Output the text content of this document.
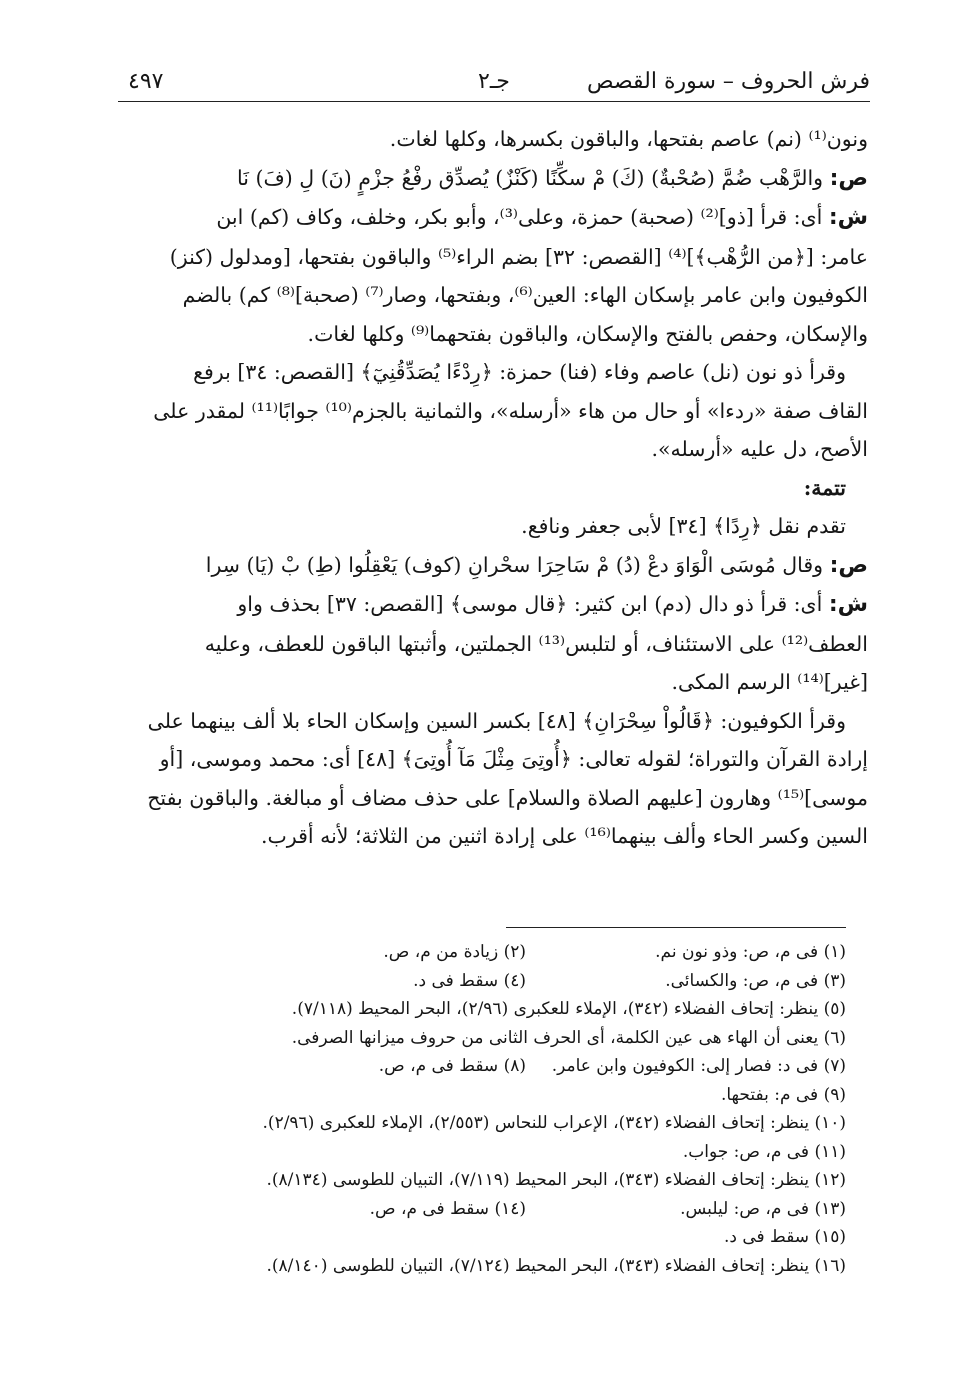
فرش الحروف – سورة القصص
جـ٢
٤٩٧

ونون⁽¹⁾ (نم) عاصم بفتحها، والباقون بكسرها، وكلها لغات.

ص: والرَّهْب ضُمَّ (صُحْبةٌ) (كَ) مْ سكِّنًا (كَنْزٌ) يُصدِّق رفْعُ جزْمٍ (نَ) لِ (فَ) نَا

ش: أى: قرأ [ذو]⁽²⁾ (صحبة) حمزة، وعلى⁽³⁾، وأبو بكر، وخلف، وكاف (كم) ابن

عامر: [﴿من الرُّهْب﴾]⁽⁴⁾ [القصص: ٣٢] بضم الراء⁽⁵⁾ والباقون بفتحها، [ومدلول (كنز)

الكوفيون وابن عامر بإسكان الهاء: العين⁽⁶⁾، وبفتحها، وصار⁽⁷⁾ (صحبة]⁽⁸⁾ كم) بالضم

والإسكان، وحفص بالفتح والإسكان، والباقون بفتحهما⁽⁹⁾ وكلها لغات.

وقرأ ذو نون (نل) عاصم وفاء (فنا) حمزة: ﴿رِدْءًا يُصَدِّقُنِيٓ﴾ [القصص: ٣٤] برفع

القاف صفة «ردءا» أو حال من هاء «أرسله»، والثمانية بالجزم⁽¹⁰⁾ جوابًا⁽¹¹⁾ لمقدر على

الأصح، دل عليه «أرسله».

تتمة:

تقدم نقل ﴿رِدًا﴾ [٣٤] لأبى جعفر ونافع.

ص: وقال مُوسَى الْوَاوَ دعْ (دُ) مْ سَاحِرَا سحْرانِ (كوف) يَعْقِلُوا (طِ) بْ (يَا) سِرا

ش: أى: قرأ ذو دال (دم) ابن كثير: ﴿قال موسى﴾ [القصص: ٣٧] بحذف واو

العطف⁽¹²⁾ على الاستئناف، أو لتلبس⁽¹³⁾ الجملتين، وأثبتها الباقون للعطف، وعليه

[غير]⁽¹⁴⁾ الرسم المكى.

وقرأ الكوفيون: ﴿قَالُواْ سِحْرَانِ﴾ [٤٨] بكسر السين وإسكان الحاء بلا ألف بينهما على

إرادة القرآن والتوراة؛ لقوله تعالى: ﴿أُوتِىَ مِثْلَ مَآ أُوتِىَ﴾ [٤٨] أى: محمد وموسى، [أو

موسى]⁽¹⁵⁾ وهارون [عليهم الصلاة والسلام] على حذف مضاف أو مبالغة. والباقون بفتح

السين وكسر الحاء وألف بينهما⁽¹⁶⁾ على إرادة اثنين من الثلاثة؛ لأنه أقرب.

(١) فى م، ص: وذو نون نم.
(٢) زيادة من م، ص.
(٣) فى م، ص: والكسائى.
(٤) سقط فى د.
(٥) ينظر: إتحاف الفضلاء (٣٤٢)، الإملاء للعكبرى (٢/٩٦)، البحر المحيط (٧/١١٨).
(٦) يعنى أن الهاء هى عين الكلمة، أى الحرف الثانى من حروف ميزانها الصرفى.
(٧) فى د: فصار إلى: الكوفيون وابن عامر.
(٨) سقط فى م، ص.
(٩) فى م: بفتحها.
(١٠) ينظر: إتحاف الفضلاء (٣٤٢)، الإعراب للنحاس (٢/٥٥٣)، الإملاء للعكبرى (٢/٩٦).
(١١) فى م، ص: جواب.
(١٢) ينظر: إتحاف الفضلاء (٣٤٣)، البحر المحيط (٧/١١٩)، التبيان للطوسى (٨/١٣٤).
(١٣) فى م، ص: ليلبس.
(١٤) سقط فى م، ص.
(١٥) سقط فى د.
(١٦) ينظر: إتحاف الفضلاء (٣٤٣)، البحر المحيط (٧/١٢٤)، التبيان للطوسى (٨/١٤٠).
